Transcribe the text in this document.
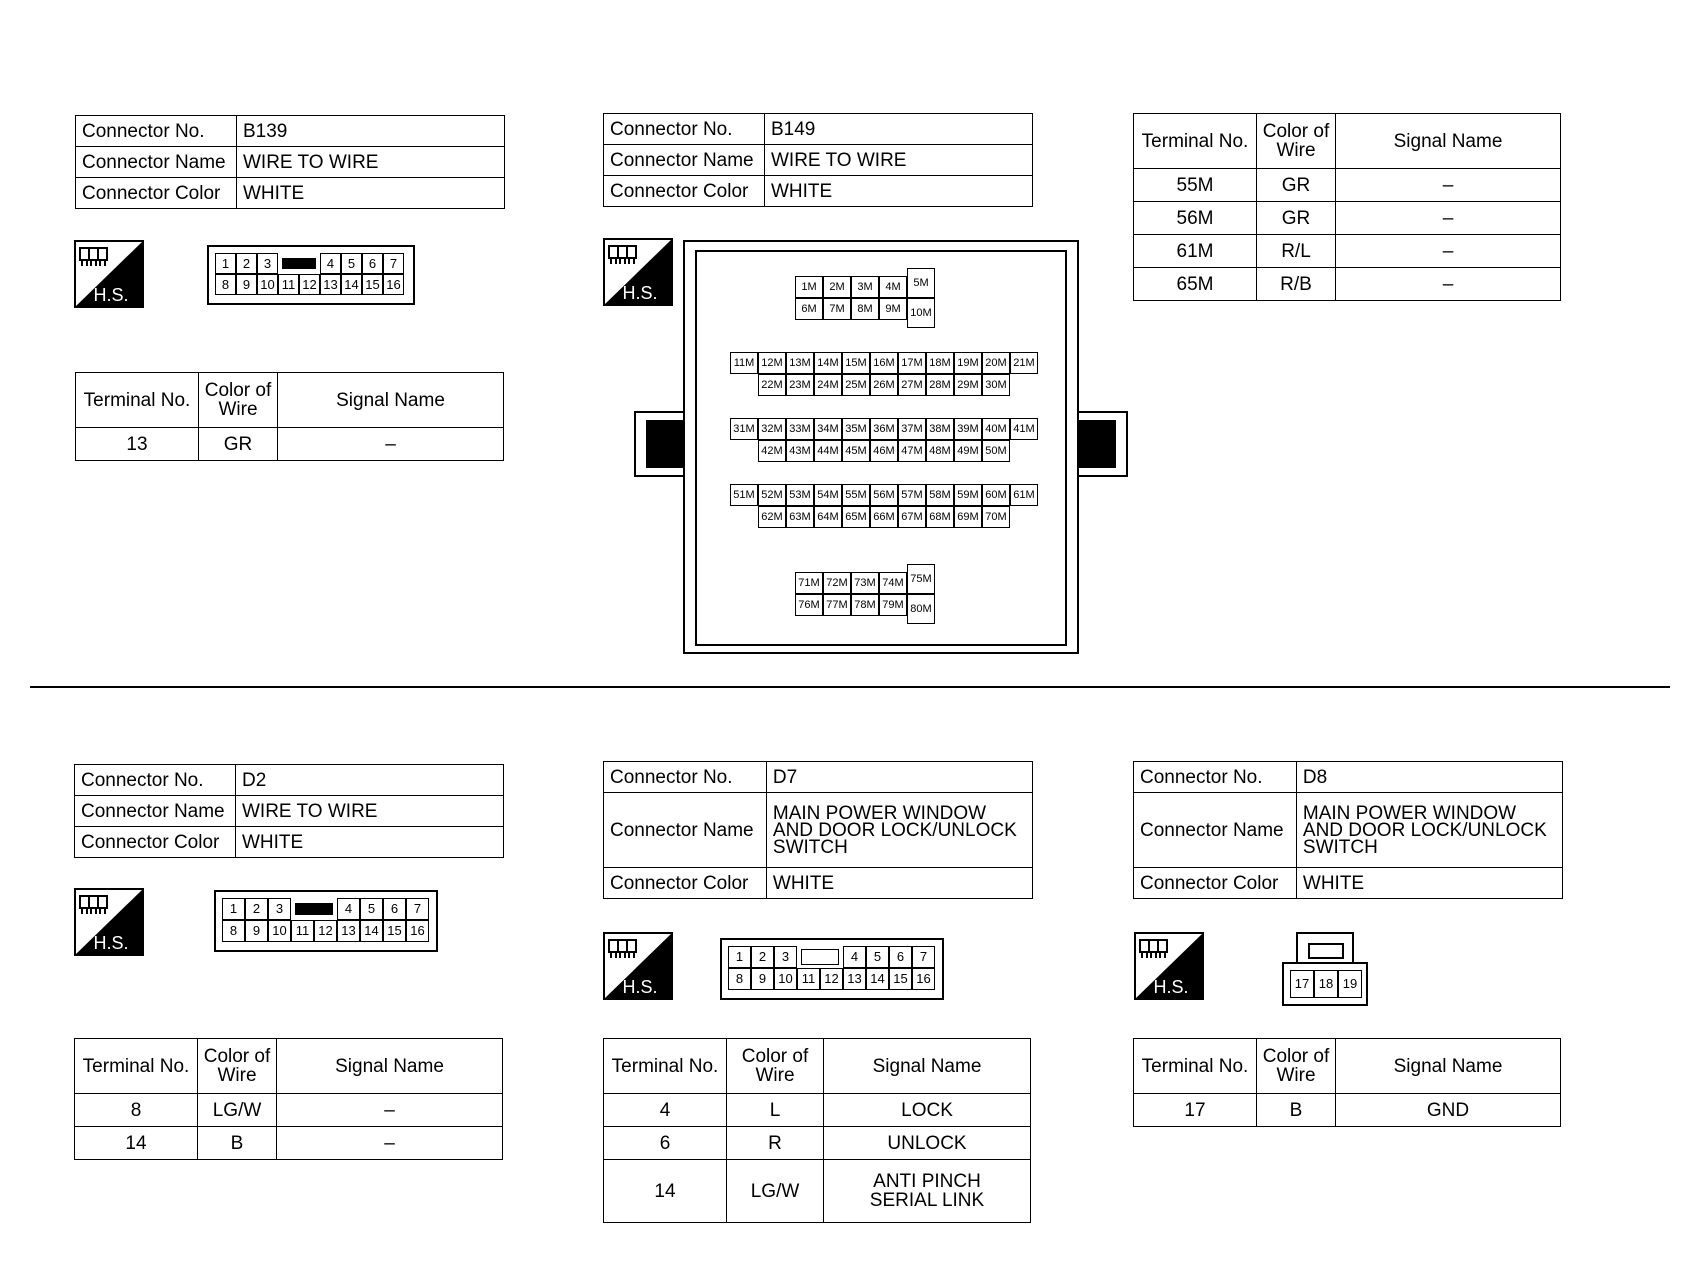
Connector No.	B139
Connector Name	WIRE TO WIRE
Connector Color	WHITE
H.S.
1	2	3	4	5	6	7
8	9 10 11 12 13 14 15 16
Terminal No.	Color of Wire	Signal Name
13	GR	–
Connector No.	B149
Connector Name	WIRE TO WIRE
Connector Color	WHITE
H.S.	1M	2M	3M	4M
6M	7M	8M	9M
5M
10M
11M 12M 13M 14M 15M 16M 17M 18M 19M 20M 21M
22M 23M 24M 25M 26M 27M 28M 29M 30M
31M 32M 33M 34M 35M 36M 37M 38M 39M 40M 41M
42M 43M 44M 45M 46M 47M 48M 49M 50M
51M 52M 53M 54M 55M 56M 57M 58M 59M 60M 61M
62M 63M 64M 65M 66M 67M 68M 69M 70M
71M 72M 73M 74M
76M 77M 78M 79M
75M
80M
Terminal No.	Color of Wire	Signal Name
55M	GR	–
56M	GR	–
61M	R/L	–
65M	R/B	–
Connector No.	D2
Connector Name	WIRE TO WIRE
Connector Color	WHITE
H.S.
1	2	3	4	5	6	7
8	9 10 11 12 13 14 15 16
Terminal No.	Color of Wire	Signal Name
8	LG/W	–
14	B	–
Connector No.	D7
Connector Name	MAIN POWER WINDOW AND DOOR LOCK/UNLOCK SWITCH
Connector Color	WHITE
H.S.
1	2	3	4	5	6	7
8	9 10 11 12 13 14 15 16
Terminal No.	Color of Wire	Signal Name
4	L	LOCK
6	R	UNLOCK
14	LG/W	ANTI PINCH SERIAL LINK
Connector No.	D8
Connector Name	MAIN POWER WINDOW AND DOOR LOCK/UNLOCK SWITCH
Connector Color	WHITE
H.S.	17 18 19
Terminal No.	Color of Wire	Signal Name
17	B	GND
